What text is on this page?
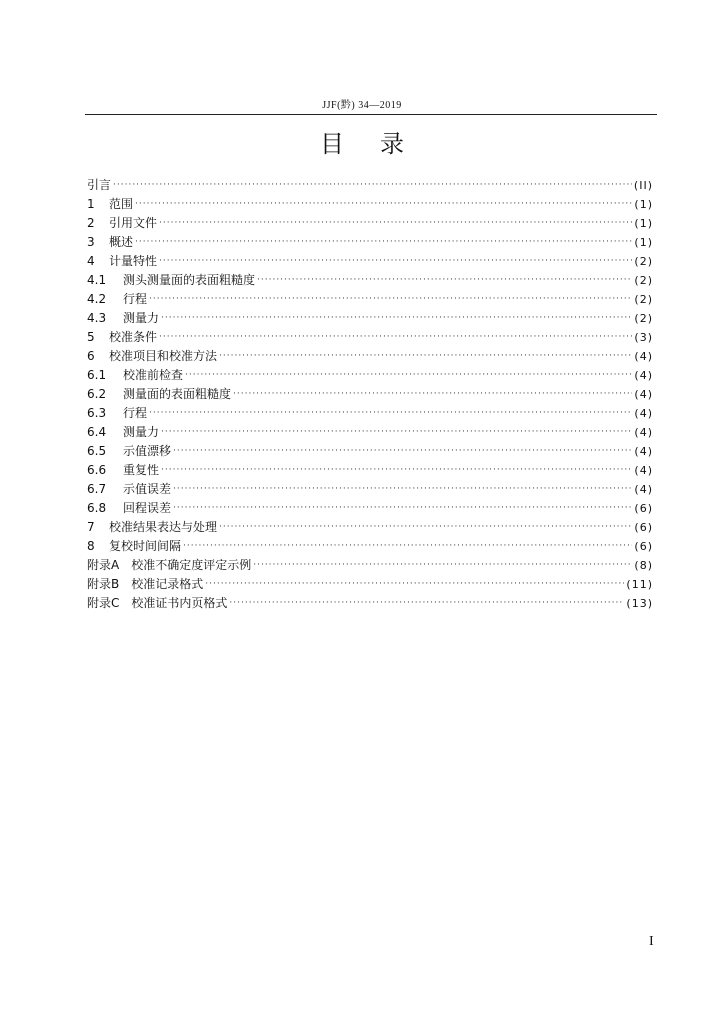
JJF(黔) 34—2019
目录
引言 ·····	(II)
1	范围 ·····	(1)
2	引用文件 ·····	(1)
3	概述 ·····	(1)
4	计量特性 ·····	(2)
4.1	测头测量面的表面粗糙度 ·····	(2)
4.2	行程 ·····	(2)
4.3	测量力 ·····	(2)
5	校准条件 ·····	(3)
6	校准项目和校准方法 ·····	(4)
6.1	校准前检查 ·····	(4)
6.2	测量面的表面粗糙度 ·····	(4)
6.3	行程 ·····	(4)
6.4	测量力 ·····	(4)
6.5	示值漂移 ·····	(4)
6.6	重复性 ·····	(4)
6.7	示值误差 ·····	(4)
6.8	回程误差 ·····	(6)
7	校准结果表达与处理 ·····	(6)
8	复校时间间隔 ·····	(6)
附录A 校准不确定度评定示例 ·····	(8)
附录B 校准记录格式 ·····	(11)
附录C 校准证书内页格式 ·····	(13)
I
